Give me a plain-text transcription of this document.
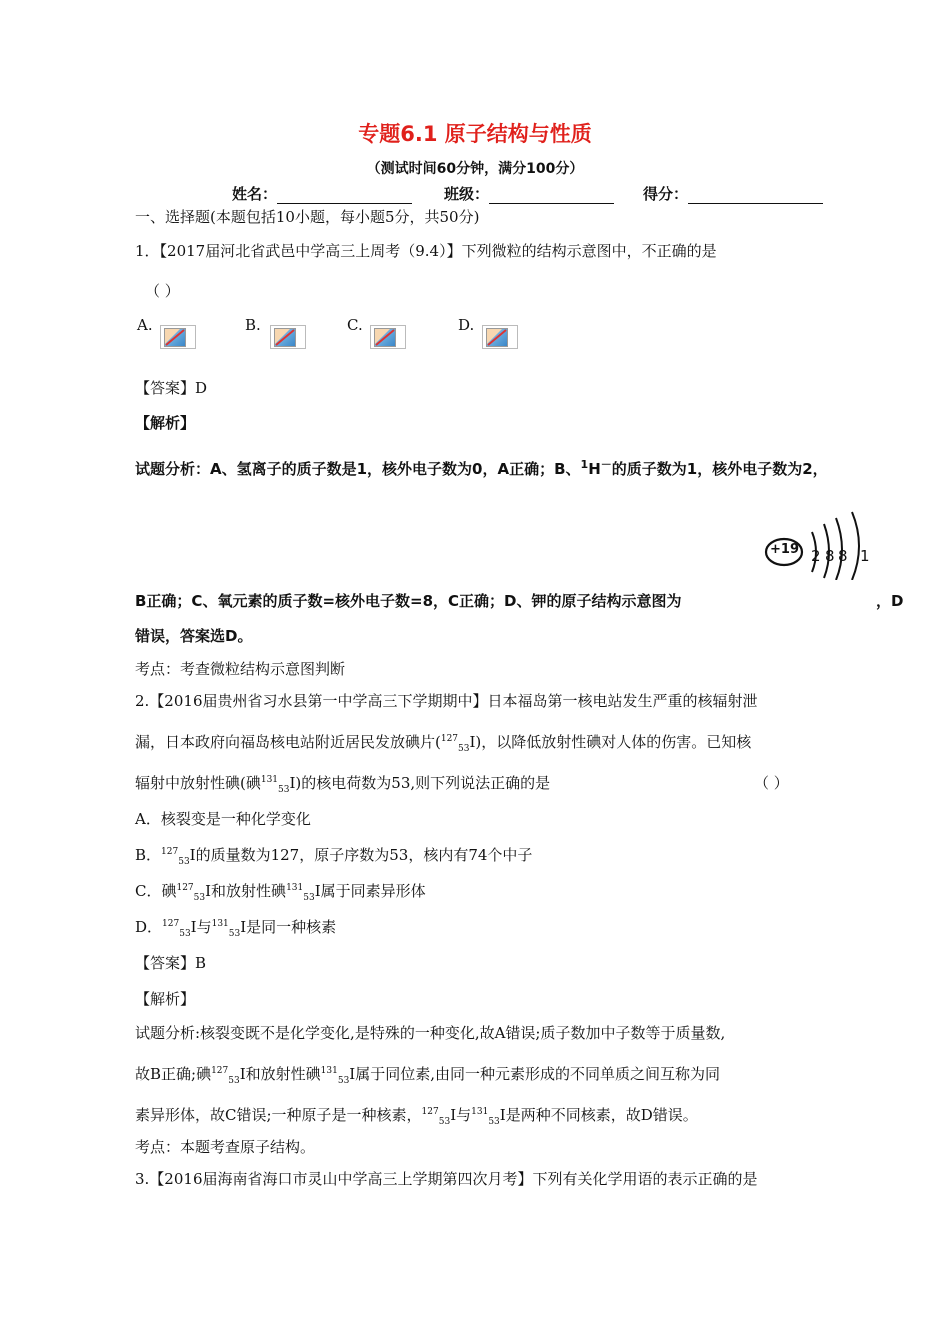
专题6.1 原子结构与性质
（测试时间60分钟，满分100分）
姓名：	班级：	得分：
一、选择题(本题包括10小题，每小题5分，共50分)
1．【2017届河北省武邑中学高三上周考（9.4）】下列微粒的结构示意图中，不正确的是
（ ）
A.	B.	C.	D.
【答案】D
【解析】
试题分析：A、氢离子的质子数是1，核外电子数为0，A正确；B、$^1$H－的质子数为1，核外电子数为2，
+19 2 8 8 1
B正确；C、氧元素的质子数=核外电子数=8，C正确；D、钾的原子结构示意图为	，D
错误，答案选D。
考点：考查微粒结构示意图判断
2.【2016届贵州省习水县第一中学高三下学期期中】日本福岛第一核电站发生严重的核辐射泄
漏，日本政府向福岛核电站附近居民发放碘片($^{127}_{53}$I)，以降低放射性碘对人体的伤害。已知核
辐射中放射性碘(碘$^{131}_{53}$I)的核电荷数为53,则下列说法正确的是	（ ）
A．核裂变是一种化学变化
B．$^{127}_{53}$I的质量数为127，原子序数为53，核内有74个中子
C．碘$^{127}_{53}$I和放射性碘$^{131}_{53}$I属于同素异形体
D．$^{127}_{53}$I与$^{131}_{53}$I是同一种核素
【答案】B
【解析】
试题分析:核裂变既不是化学变化,是特殊的一种变化,故A错误;质子数加中子数等于质量数,
故B正确;碘$^{127}_{53}$I和放射性碘$^{131}_{53}$I属于同位素,由同一种元素形成的不同单质之间互称为同
素异形体，故C错误;一种原子是一种核素，$^{127}_{53}$I与$^{131}_{53}$I是两种不同核素，故D错误。
考点：本题考查原子结构。
3.【2016届海南省海口市灵山中学高三上学期第四次月考】下列有关化学用语的表示正确的是
